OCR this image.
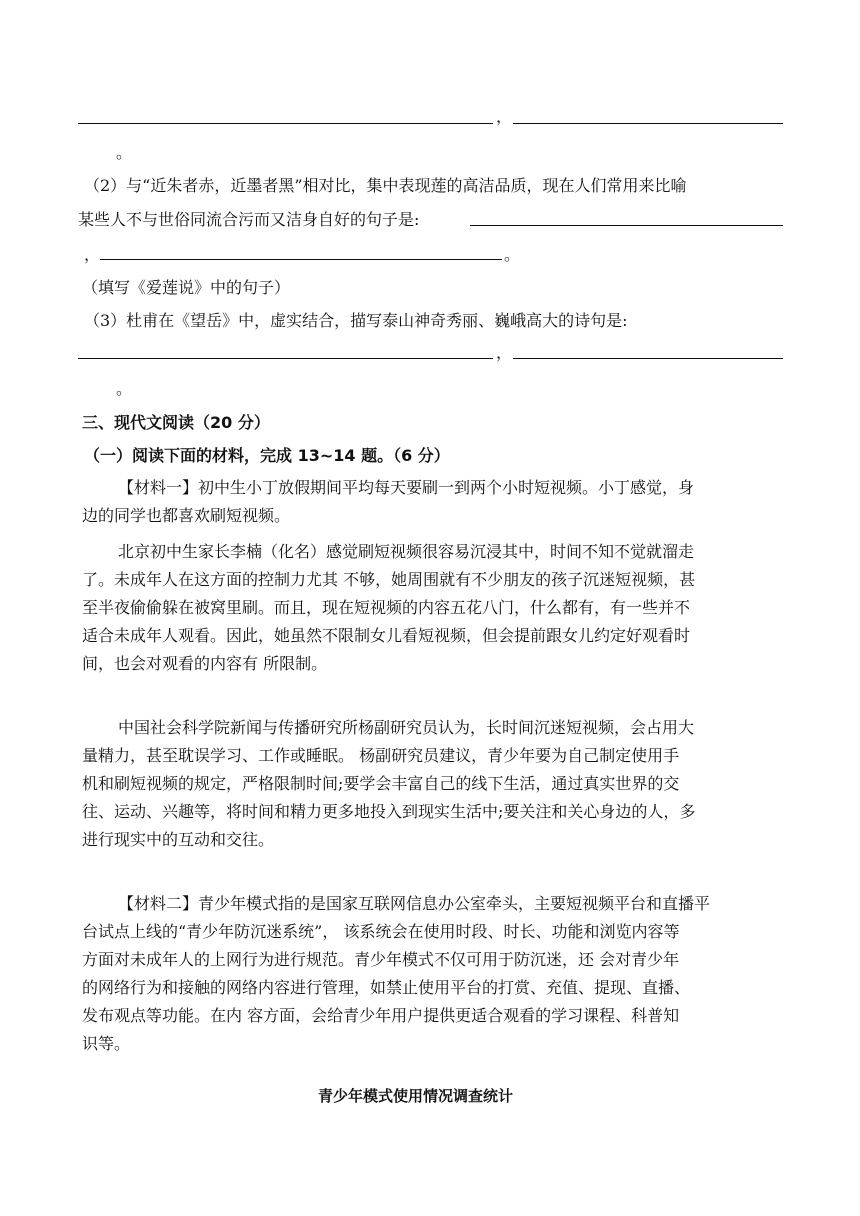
，
。
（2）与“近朱者赤，近墨者黑”相对比，集中表现莲的高洁品质，现在人们常用来比喻
某些人不与世俗同流合污而又洁身自好的句子是:
，	。
（填写《爱莲说》中的句子）
（3）杜甫在《望岳》中，虚实结合，描写泰山神奇秀丽、巍峨高大的诗句是:
，
。
三、现代文阅读（20 分）
（一）阅读下面的材料，完成 13~14 题。（6 分）
【材料一】初中生小丁放假期间平均每天要刷一到两个小时短视频。小丁感觉，身
边的同学也都喜欢刷短视频。
北京初中生家长李楠（化名）感觉刷短视频很容易沉浸其中，时间不知不觉就溜走
了。未成年人在这方面的控制力尤其 不够，她周围就有不少朋友的孩子沉迷短视频，甚
至半夜偷偷躲在被窝里刷。而且，现在短视频的内容五花八门，什么都有，有一些并不
适合未成年人观看。因此，她虽然不限制女儿看短视频，但会提前跟女儿约定好观看时
间，也会对观看的内容有 所限制。
中国社会科学院新闻与传播研究所杨副研究员认为，长时间沉迷短视频，会占用大
量精力，甚至耽误学习、工作或睡眠。 杨副研究员建议，青少年要为自己制定使用手
机和刷短视频的规定，严格限制时间;要学会丰富自己的线下生活，通过真实世界的交
往、运动、兴趣等，将时间和精力更多地投入到现实生活中;要关注和关心身边的人，多
进行现实中的互动和交往。
【材料二】青少年模式指的是国家互联网信息办公室牵头，主要短视频平台和直播平
台试点上线的“青少年防沉迷系统”， 该系统会在使用时段、时长、功能和浏览内容等
方面对未成年人的上网行为进行规范。青少年模式不仅可用于防沉迷，还 会对青少年
的网络行为和接触的网络内容进行管理，如禁止使用平台的打赏、充值、提现、直播、
发布观点等功能。在内 容方面，会给青少年用户提供更适合观看的学习课程、科普知
识等。
青少年模式使用情况调查统计
